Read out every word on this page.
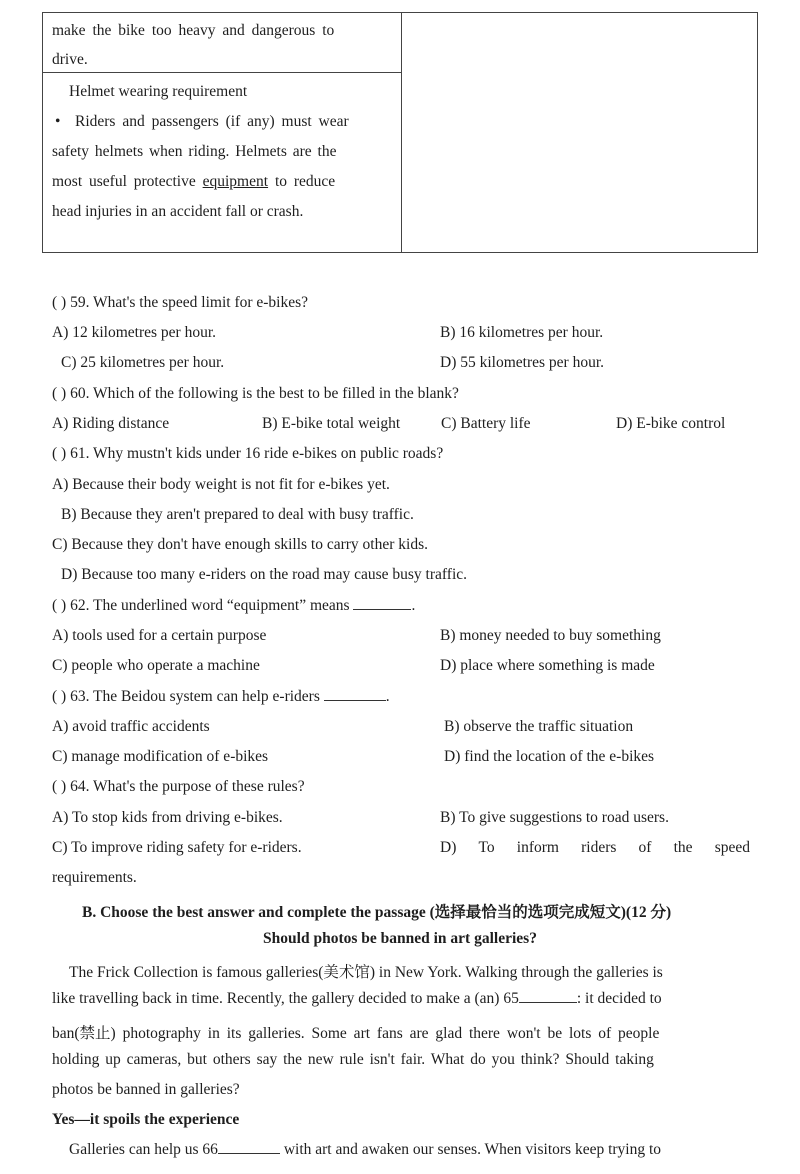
make the bike too heavy and dangerous to
drive.
Helmet wearing requirement
• Riders and passengers (if any) must wear
safety helmets when riding. Helmets are the
most useful protective equipment to reduce
head injuries in an accident fall or crash.
( ) 59. What's the speed limit for e-bikes?
A) 12 kilometres per hour.	B) 16 kilometres per hour.
C) 25 kilometres per hour.	D) 55 kilometres per hour.
( ) 60. Which of the following is the best to be filled in the blank?
A) Riding distance	B) E-bike total weight	C) Battery life	D) E-bike control
( ) 61. Why mustn't kids under 16 ride e-bikes on public roads?
A) Because their body weight is not fit for e-bikes yet.
B) Because they aren't prepared to deal with busy traffic.
C) Because they don't have enough skills to carry other kids.
D) Because too many e-riders on the road may cause busy traffic.
( ) 62. The underlined word “equipment” means	.
A) tools used for a certain purpose	B) money needed to buy something
C) people who operate a machine	D) place where something is made
( ) 63. The Beidou system can help e-riders	.
A) avoid traffic accidents	B) observe the traffic situation
C) manage modification of e-bikes	D) find the location of the e-bikes
( ) 64. What's the purpose of these rules?
A) To stop kids from driving e-bikes.	B) To give suggestions to road users.
C) To improve riding safety for e-riders.	D) To inform riders of the speed
requirements.
B. Choose the best answer and complete the passage (选择最恰当的选项完成短文)(12 分)
Should photos be banned in art galleries?
The Frick Collection is famous galleries(美术馆) in New York. Walking through the galleries is
like travelling back in time. Recently, the gallery decided to make a (an) 65	: it decided to
ban(禁止) photography in its galleries. Some art fans are glad there won't be lots of people
holding up cameras, but others say the new rule isn't fair. What do you think? Should taking
photos be banned in galleries?
Yes—it spoils the experience
Galleries can help us 66	with art and awaken our senses. When visitors keep trying to
